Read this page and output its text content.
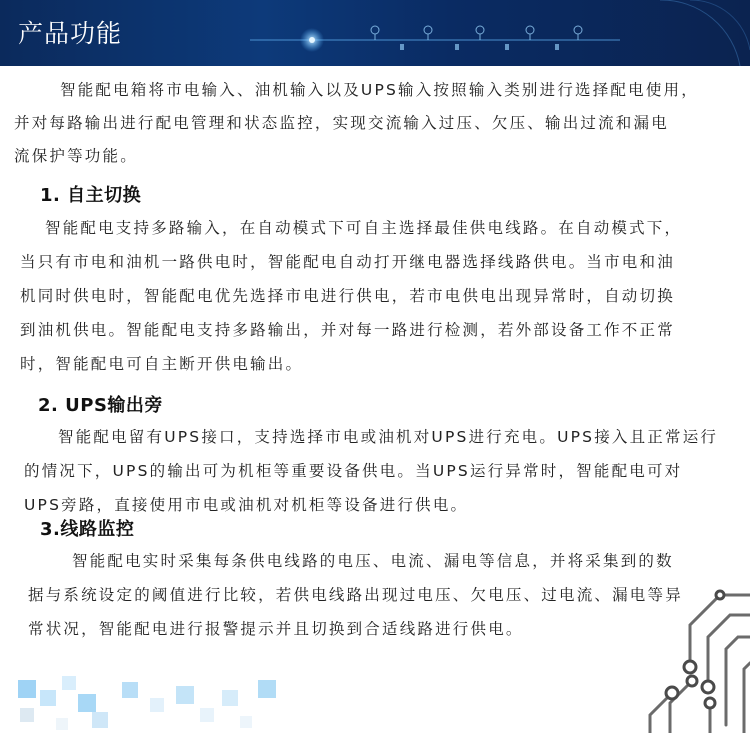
产品功能
智能配电箱将市电输入、油机输入以及UPS输入按照输入类别进行选择配电使用，
并对每路输出进行配电管理和状态监控，实现交流输入过压、欠压、输出过流和漏电
流保护等功能。
1. 自主切换
智能配电支持多路输入，在自动模式下可自主选择最佳供电线路。在自动模式下，
当只有市电和油机一路供电时，智能配电自动打开继电器选择线路供电。当市电和油
机同时供电时，智能配电优先选择市电进行供电，若市电供电出现异常时，自动切换
到油机供电。智能配电支持多路输出，并对每一路进行检测，若外部设备工作不正常
时，智能配电可自主断开供电输出。
2. UPS输出旁
智能配电留有UPS接口，支持选择市电或油机对UPS进行充电。UPS接入且正常运行
的情况下，UPS的输出可为机柜等重要设备供电。当UPS运行异常时，智能配电可对
UPS旁路，直接使用市电或油机对机柜等设备进行供电。
3.线路监控
智能配电实时采集每条供电线路的电压、电流、漏电等信息，并将采集到的数
据与系统设定的阈值进行比较，若供电线路出现过电压、欠电压、过电流、漏电等异
常状况，智能配电进行报警提示并且切换到合适线路进行供电。
